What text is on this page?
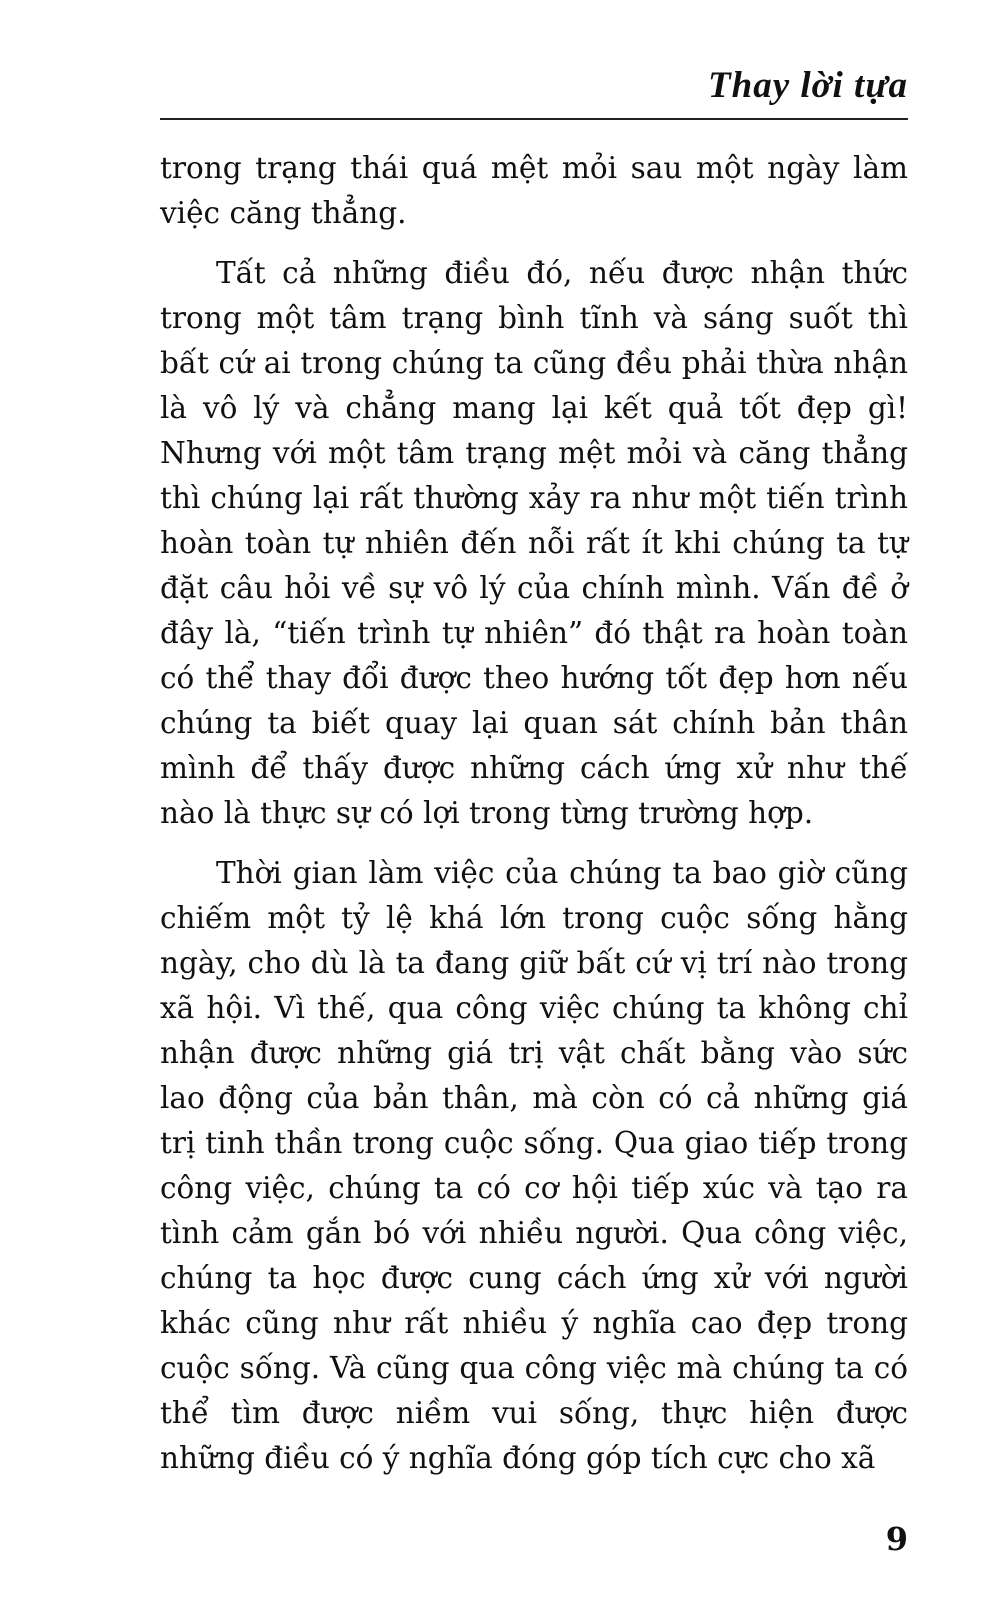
Thay lời tựa

trong trạng thái quá mệt mỏi sau một ngày làm việc căng thẳng.

Tất cả những điều đó, nếu được nhận thức trong một tâm trạng bình tĩnh và sáng suốt thì bất cứ ai trong chúng ta cũng đều phải thừa nhận là vô lý và chẳng mang lại kết quả tốt đẹp gì! Nhưng với một tâm trạng mệt mỏi và căng thẳng thì chúng lại rất thường xảy ra như một tiến trình hoàn toàn tự nhiên đến nỗi rất ít khi chúng ta tự đặt câu hỏi về sự vô lý của chính mình. Vấn đề ở đây là, “tiến trình tự nhiên” đó thật ra hoàn toàn có thể thay đổi được theo hướng tốt đẹp hơn nếu chúng ta biết quay lại quan sát chính bản thân mình để thấy được những cách ứng xử như thế nào là thực sự có lợi trong từng trường hợp.

Thời gian làm việc của chúng ta bao giờ cũng chiếm một tỷ lệ khá lớn trong cuộc sống hằng ngày, cho dù là ta đang giữ bất cứ vị trí nào trong xã hội. Vì thế, qua công việc chúng ta không chỉ nhận được những giá trị vật chất bằng vào sức lao động của bản thân, mà còn có cả những giá trị tinh thần trong cuộc sống. Qua giao tiếp trong công việc, chúng ta có cơ hội tiếp xúc và tạo ra tình cảm gắn bó với nhiều người. Qua công việc, chúng ta học được cung cách ứng xử với người khác cũng như rất nhiều ý nghĩa cao đẹp trong cuộc sống. Và cũng qua công việc mà chúng ta có thể tìm được niềm vui sống, thực hiện được những điều có ý nghĩa đóng góp tích cực cho xã

9
